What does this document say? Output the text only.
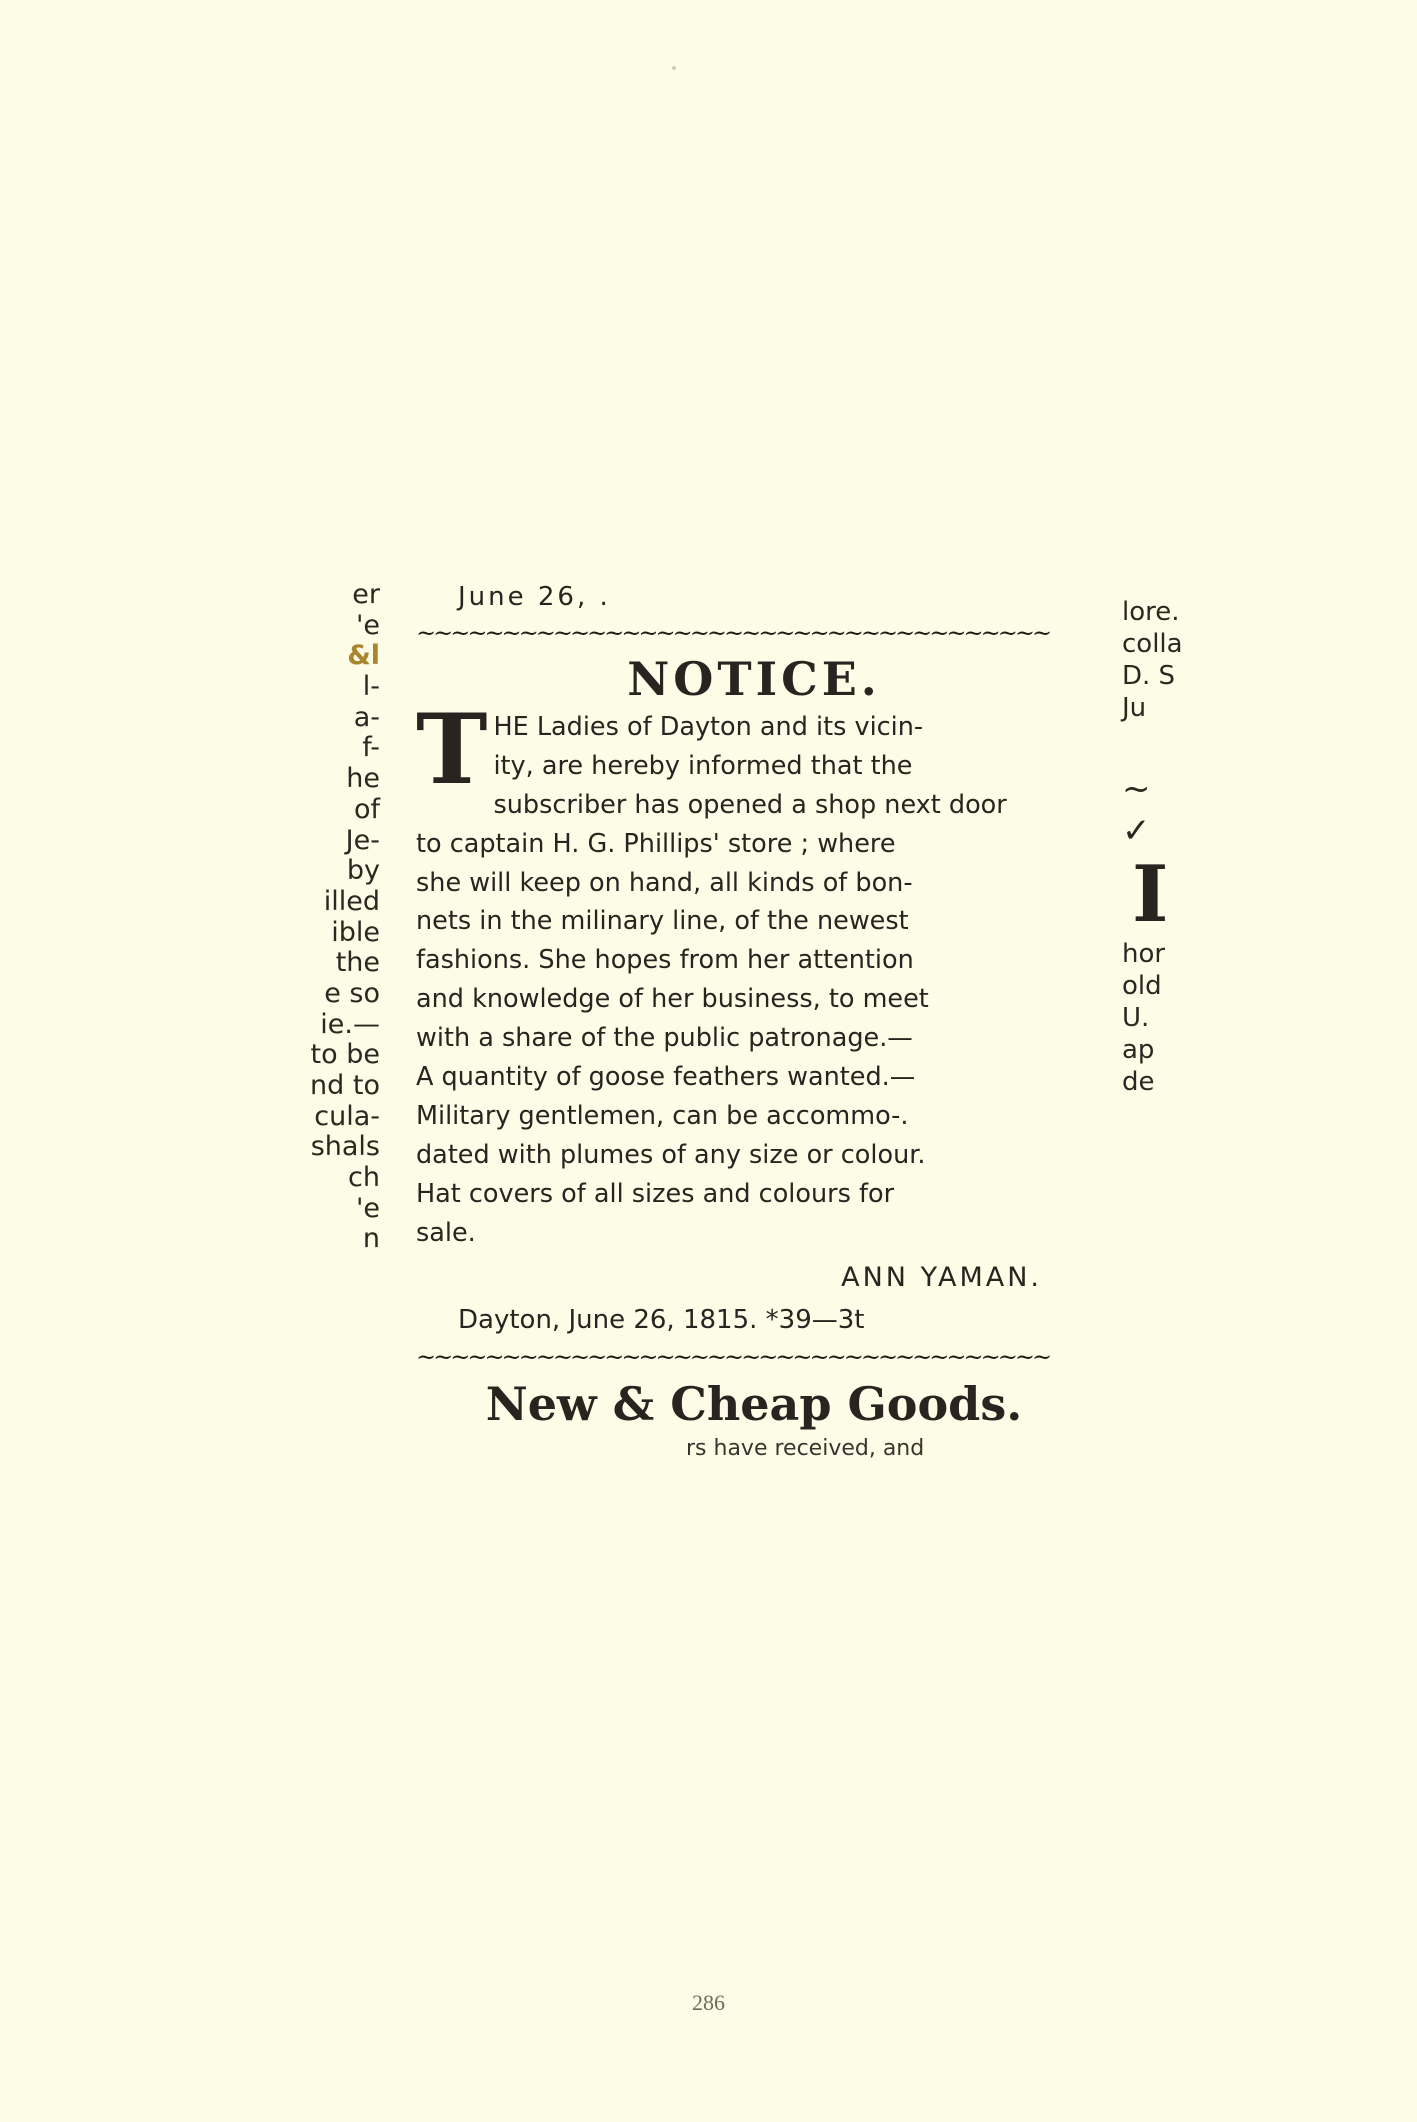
er
'e
&l
l-
a-
f-
he
of
Je-
by
illed
ible
the
e so
ie.—
to be
nd to
cula-
shals
ch
'e
n
June 26, .
~~~~~~~~~~~~~~~~~~~~~~~~~~~~~~~~~~~~~
NOTICE.
T HE Ladies of Dayton and its vicin-
ity, are hereby informed that the
subscriber has opened a shop next door
to captain H. G. Phillips' store ; where
she will keep on hand, all kinds of bon-
nets in the milinary line, of the newest
fashions. She hopes from her attention
and knowledge of her business, to meet
with a share of the public patronage.—
A quantity of goose feathers wanted.—
Military gentlemen, can be accommo-.
dated with plumes of any size or colour.
Hat covers of all sizes and colours for
sale.
ANN YAMAN.
Dayton, June 26, 1815. *39—3t
~~~~~~~~~~~~~~~~~~~~~~~~~~~~~~~~~~~~~
New & Cheap Goods.
rs have received, and
lore.
colla
D. S
Ju
~
✓
I
hor
old
U.
ap
de
286
